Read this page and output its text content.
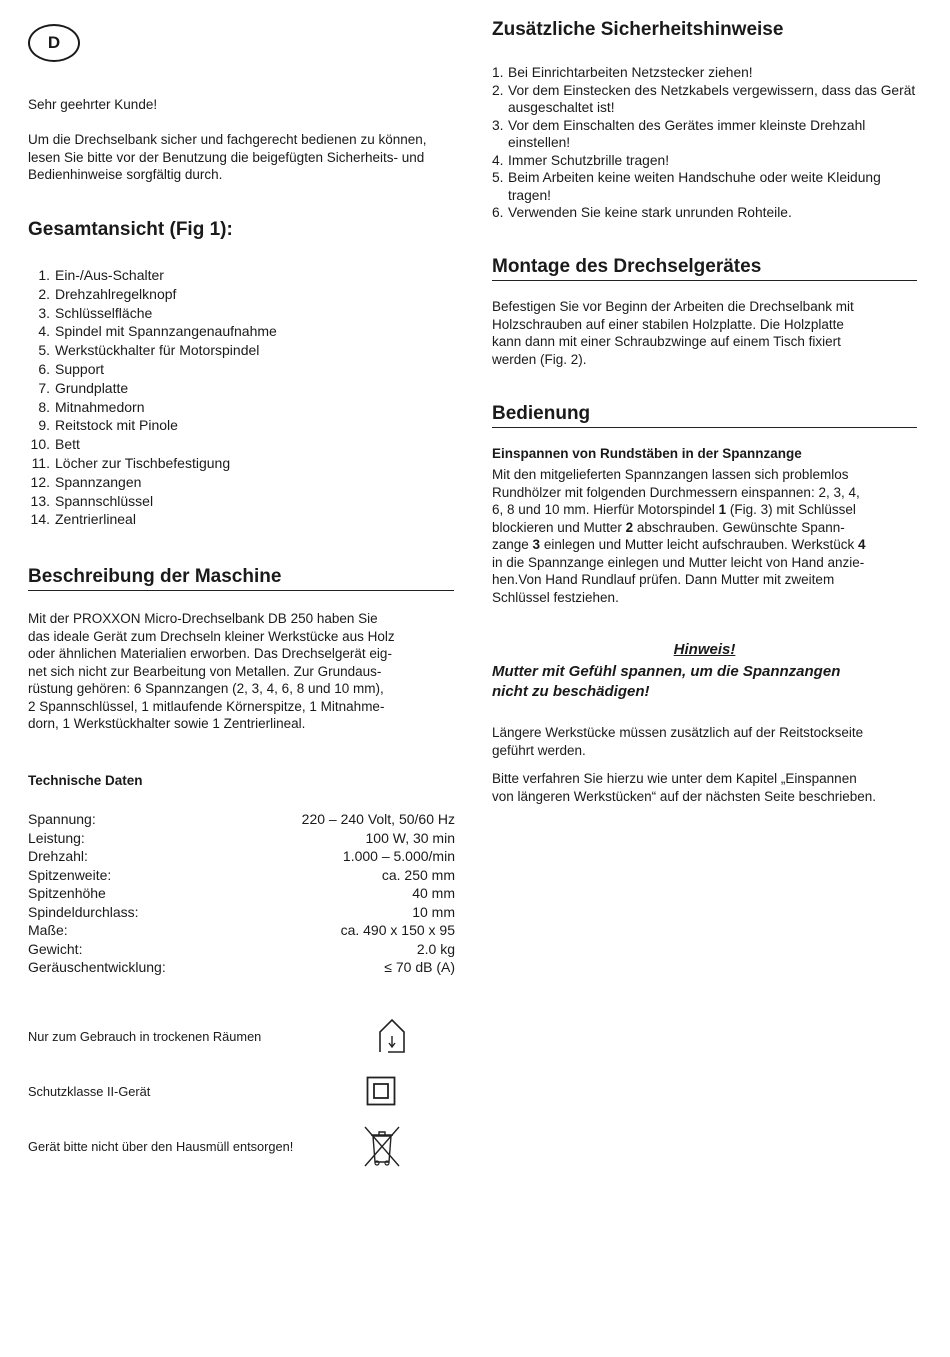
D
Sehr geehrter Kunde!
Um die Drechselbank sicher und fachgerecht bedienen zu können, lesen Sie bitte vor der Benutzung die beigefügten Sicherheits- und Bedienhinweise sorgfältig durch.
Gesamtansicht (Fig 1):
1. Ein-/Aus-Schalter
2. Drehzahlregelknopf
3. Schlüsselfläche
4. Spindel mit Spannzangenaufnahme
5. Werkstückhalter für Motorspindel
6. Support
7. Grundplatte
8. Mitnahmedorn
9. Reitstock mit Pinole
10. Bett
11. Löcher zur Tischbefestigung
12. Spannzangen
13. Spannschlüssel
14. Zentrierlineal
Beschreibung der Maschine
Mit der PROXXON Micro-Drechselbank DB 250 haben Sie
das ideale Gerät zum Drechseln kleiner Werkstücke aus Holz
oder ähnlichen Materialien erworben. Das Drechselgerät eig-
net sich nicht zur Bearbeitung von Metallen. Zur Grundaus-
rüstung gehören: 6 Spannzangen (2, 3, 4, 6, 8 und 10 mm),
2 Spannschlüssel, 1 mitlaufende Körnerspitze, 1 Mitnahme-
dorn, 1 Werkstückhalter sowie 1 Zentrierlineal.
Technische Daten
Spannung:	220 – 240 Volt, 50/60 Hz
Leistung:	100 W, 30 min
Drehzahl:	1.000 – 5.000/min
Spitzenweite:	ca. 250 mm
Spitzenhöhe	40 mm
Spindeldurchlass:	10 mm
Maße:	ca. 490 x 150 x 95
Gewicht:	2.0 kg
Geräuschentwicklung:	≤ 70 dB (A)
Nur zum Gebrauch in trockenen Räumen
Schutzklasse II-Gerät
Gerät bitte nicht über den Hausmüll entsorgen!
Zusätzliche Sicherheitshinweise
1. Bei Einrichtarbeiten Netzstecker ziehen!
2. Vor dem Einstecken des Netzkabels vergewissern, dass das Gerät ausgeschaltet ist!
3. Vor dem Einschalten des Gerätes immer kleinste Drehzahl einstellen!
4. Immer Schutzbrille tragen!
5. Beim Arbeiten keine weiten Handschuhe oder weite Kleidung tragen!
6. Verwenden Sie keine stark unrunden Rohteile.
Montage des Drechselgerätes
Befestigen Sie vor Beginn der Arbeiten die Drechselbank mit
Holzschrauben auf einer stabilen Holzplatte. Die Holzplatte
kann dann mit einer Schraubzwinge auf einem Tisch fixiert
werden (Fig. 2).
Bedienung
Einspannen von Rundstäben in der Spannzange
Mit den mitgelieferten Spannzangen lassen sich problemlos
Rundhölzer mit folgenden Durchmessern einspannen: 2, 3, 4,
6, 8 und 10 mm. Hierfür Motorspindel 1 (Fig. 3) mit Schlüssel
blockieren und Mutter 2 abschrauben. Gewünschte Spann-
zange 3 einlegen und Mutter leicht aufschrauben. Werkstück 4
in die Spannzange einlegen und Mutter leicht von Hand anzie-
hen.Von Hand Rundlauf prüfen. Dann Mutter mit zweitem
Schlüssel festziehen.
Hinweis!
Mutter mit Gefühl spannen, um die Spannzangen
nicht zu beschädigen!
Längere Werkstücke müssen zusätzlich auf der Reitstockseite
geführt werden.
Bitte verfahren Sie hierzu wie unter dem Kapitel „Einspannen
von längeren Werkstücken“ auf der nächsten Seite beschrieben.
